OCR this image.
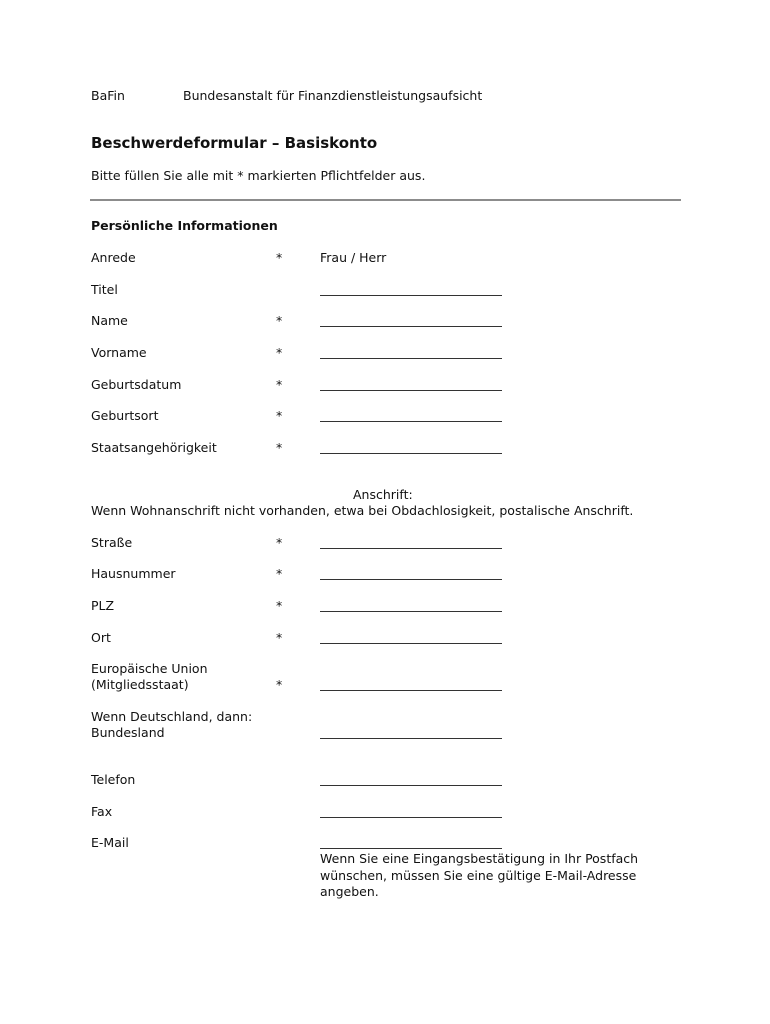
BaFin	Bundesanstalt für Finanzdienstleistungsaufsicht
Beschwerdeformular – Basiskonto
Bitte füllen Sie alle mit * markierten Pflichtfelder aus.
Persönliche Informationen
Anrede	*	Frau / Herr
Titel
Name	*
Vorname	*
Geburtsdatum	*
Geburtsort	*
Staatsangehörigkeit	*
Anschrift:
Wenn Wohnanschrift nicht vorhanden, etwa bei Obdachlosigkeit, postalische Anschrift.
Straße	*
Hausnummer	*
PLZ	*
Ort	*
Europäische Union
(Mitgliedsstaat)	*
Wenn Deutschland, dann:
Bundesland
Telefon
Fax
E-Mail
Wenn Sie eine Eingangsbestätigung in Ihr Postfach wünschen, müssen Sie eine gültige E-Mail-Adresse angeben.
